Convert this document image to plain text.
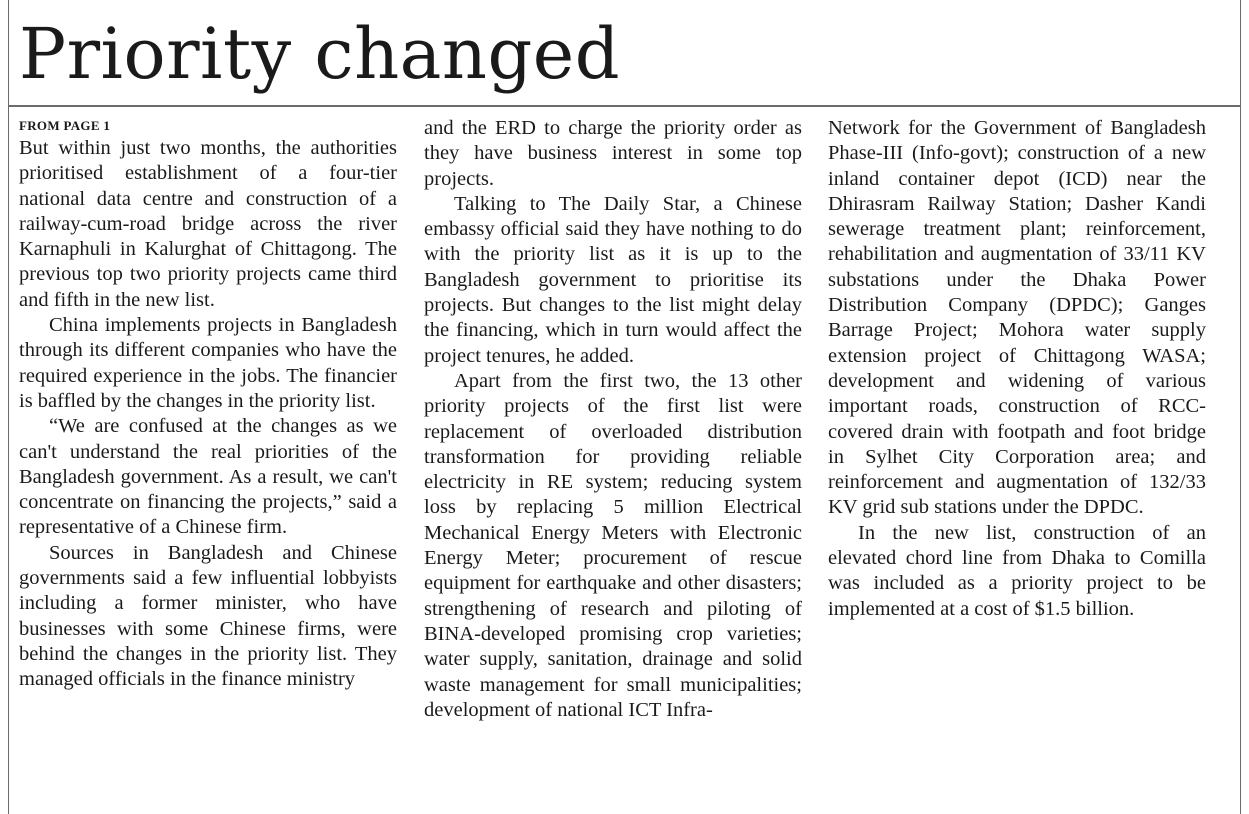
Priority changed
FROM PAGE 1

But within just two months, the authorities prioritised establishment of a four-tier national data centre and construction of a railway-cum-road bridge across the river Karnaphuli in Kalurghat of Chittagong. The previous top two priority projects came third and fifth in the new list.

China implements projects in Bangladesh through its different companies who have the required experience in the jobs. The financier is baffled by the changes in the priority list.

“We are confused at the changes as we can't understand the real priorities of the Bangladesh government. As a result, we can't concentrate on financing the projects,” said a representative of a Chinese firm.

Sources in Bangladesh and Chinese governments said a few influential lobbyists including a former minister, who have businesses with some Chinese firms, were behind the changes in the priority list. They managed officials in the finance ministry

and the ERD to charge the priority order as they have business interest in some top projects.

Talking to The Daily Star, a Chinese embassy official said they have nothing to do with the priority list as it is up to the Bangladesh government to prioritise its projects. But changes to the list might delay the financing, which in turn would affect the project tenures, he added.

Apart from the first two, the 13 other priority projects of the first list were replacement of overloaded distribution transformation for providing reliable electricity in RE system; reducing system loss by replacing 5 million Electrical Mechanical Energy Meters with Electronic Energy Meter; procurement of rescue equipment for earthquake and other disasters; strengthening of research and piloting of BINA-developed promising crop varieties; water supply, sanitation, drainage and solid waste management for small municipalities; development of national ICT Infra-

Network for the Government of Bangladesh Phase-III (Info-govt); construction of a new inland container depot (ICD) near the Dhirasram Railway Station; Dasher Kandi sewerage treatment plant; reinforcement, rehabilitation and augmentation of 33/11 KV substations under the Dhaka Power Distribution Company (DPDC); Ganges Barrage Project; Mohora water supply extension project of Chittagong WASA; development and widening of various important roads, construction of RCC-covered drain with footpath and foot bridge in Sylhet City Corporation area; and reinforcement and augmentation of 132/33 KV grid sub stations under the DPDC.

In the new list, construction of an elevated chord line from Dhaka to Comilla was included as a priority project to be implemented at a cost of $1.5 billion.
